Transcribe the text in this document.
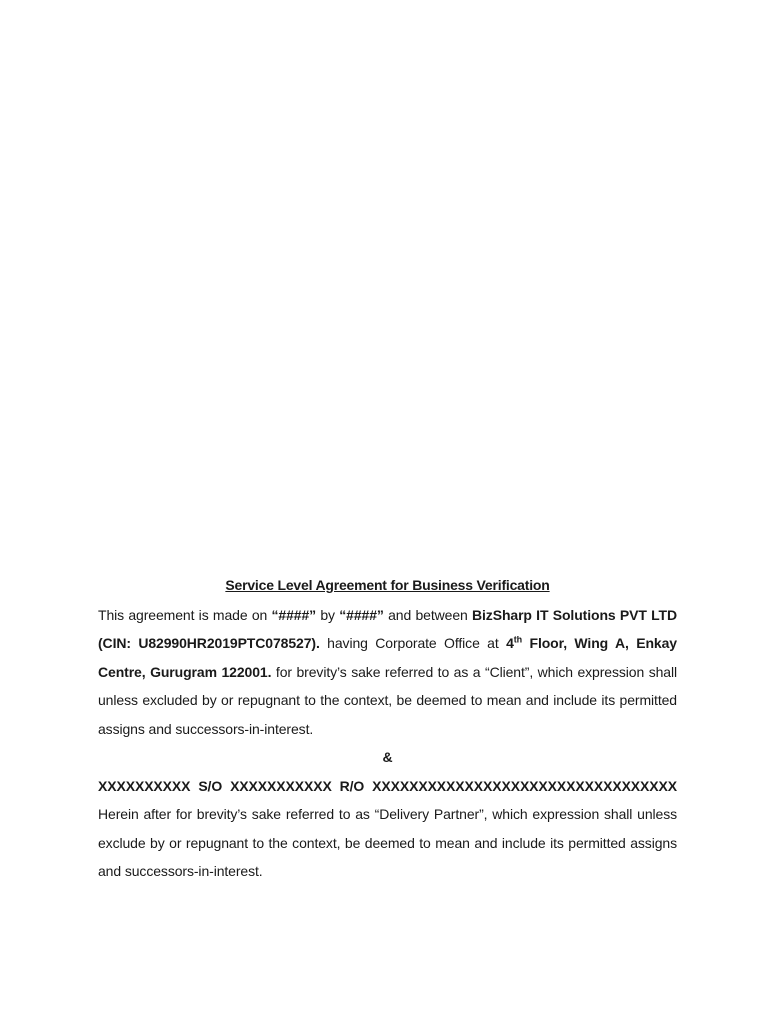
Service Level Agreement for Business Verification

This agreement is made on “####” by “####” and between BizSharp IT Solutions PVT LTD (CIN: U82990HR2019PTC078527). having Corporate Office at 4th Floor, Wing A, Enkay Centre, Gurugram 122001. for brevity’s sake referred to as a “Client”, which expression shall unless excluded by or repugnant to the context, be deemed to mean and include its permitted assigns and successors-in-interest.

&

XXXXXXXXXX S/O XXXXXXXXXXX R/O XXXXXXXXXXXXXXXXXXXXXXXXXXXXXXXXX Herein after for brevity’s sake referred to as “Delivery Partner”, which expression shall unless exclude by or repugnant to the context, be deemed to mean and include its permitted assigns and successors-in-interest.
